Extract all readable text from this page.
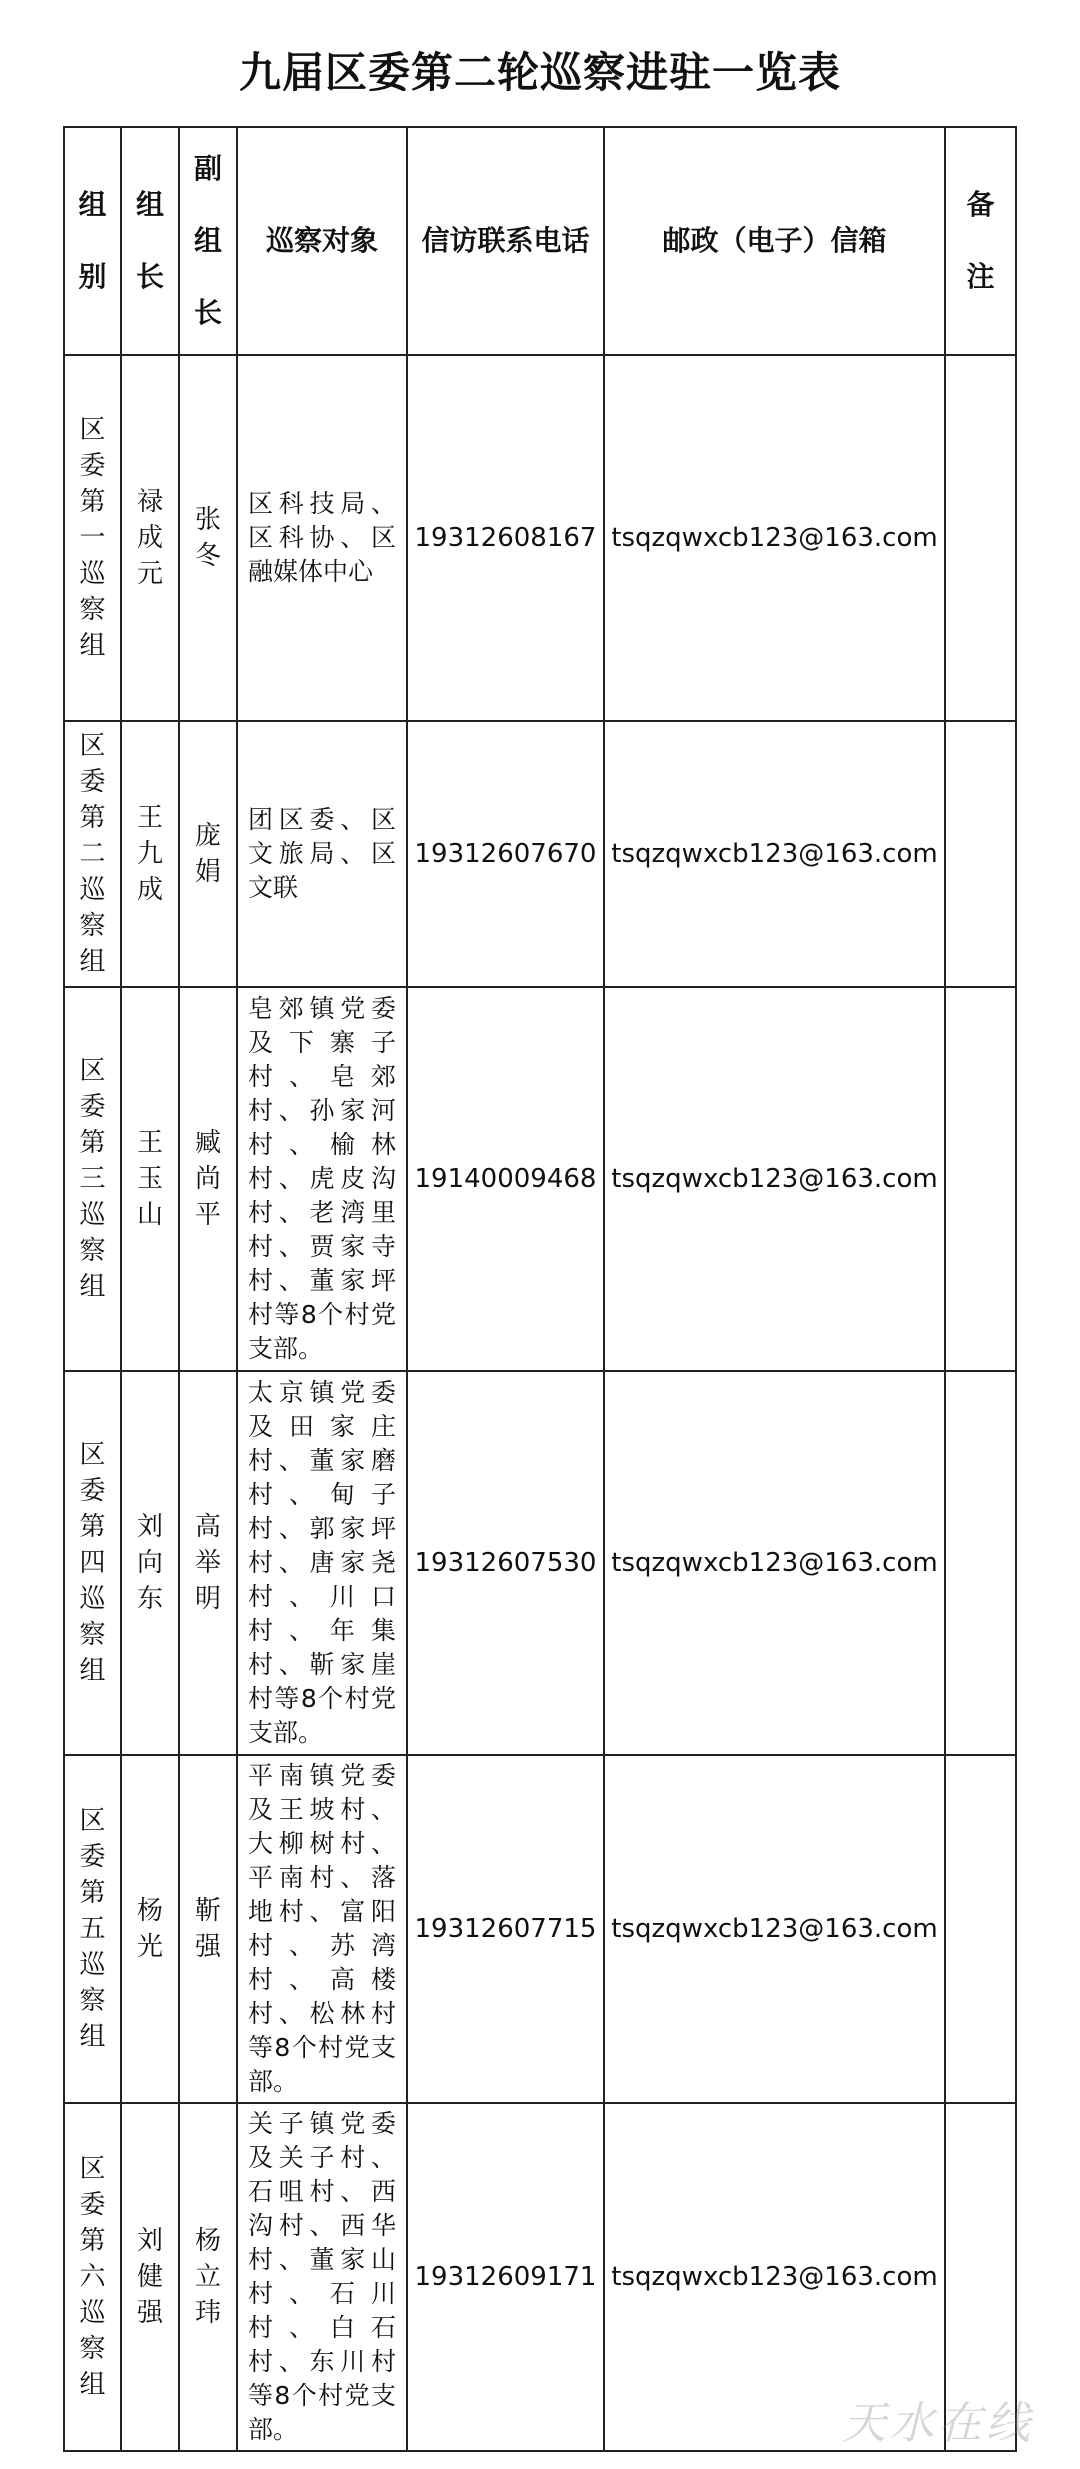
九届区委第二轮巡察进驻一览表
组别	组长	副组长	巡察对象	信访联系电话	邮政（电子）信箱	备注

区委第一巡察组	禄成元	张冬	区科技局、区科协、区融媒体中心	19312608167	tsqzqwxcb123@163.com	

区委第二巡察组	王九成	庞娟	团区委、区文旅局、区文联	19312607670	tsqzqwxcb123@163.com	

区委第三巡察组	王玉山	臧尚平	皂郊镇党委及下寨子村、皂郊村、孙家河村、榆林村、虎皮沟村、老湾里村、贾家寺村、董家坪村等8个村党支部。	19140009468	tsqzqwxcb123@163.com	

区委第四巡察组	刘向东	高举明	太京镇党委及田家庄村、董家磨村、甸子村、郭家坪村、唐家尧村、川口村、年集村、靳家崖村等8个村党支部。	19312607530	tsqzqwxcb123@163.com	

区委第五巡察组	杨光	靳强	平南镇党委及王坡村、大柳树村、平南村、落地村、富阳村、苏湾村、高楼村、松林村等8个村党支部。	19312607715	tsqzqwxcb123@163.com	

区委第六巡察组	刘健强	杨立玮	关子镇党委及关子村、石咀村、西沟村、西华村、董家山村、石川村、白石村、东川村等8个村党支部。	19312609171	tsqzqwxcb123@163.com	

天水在线
